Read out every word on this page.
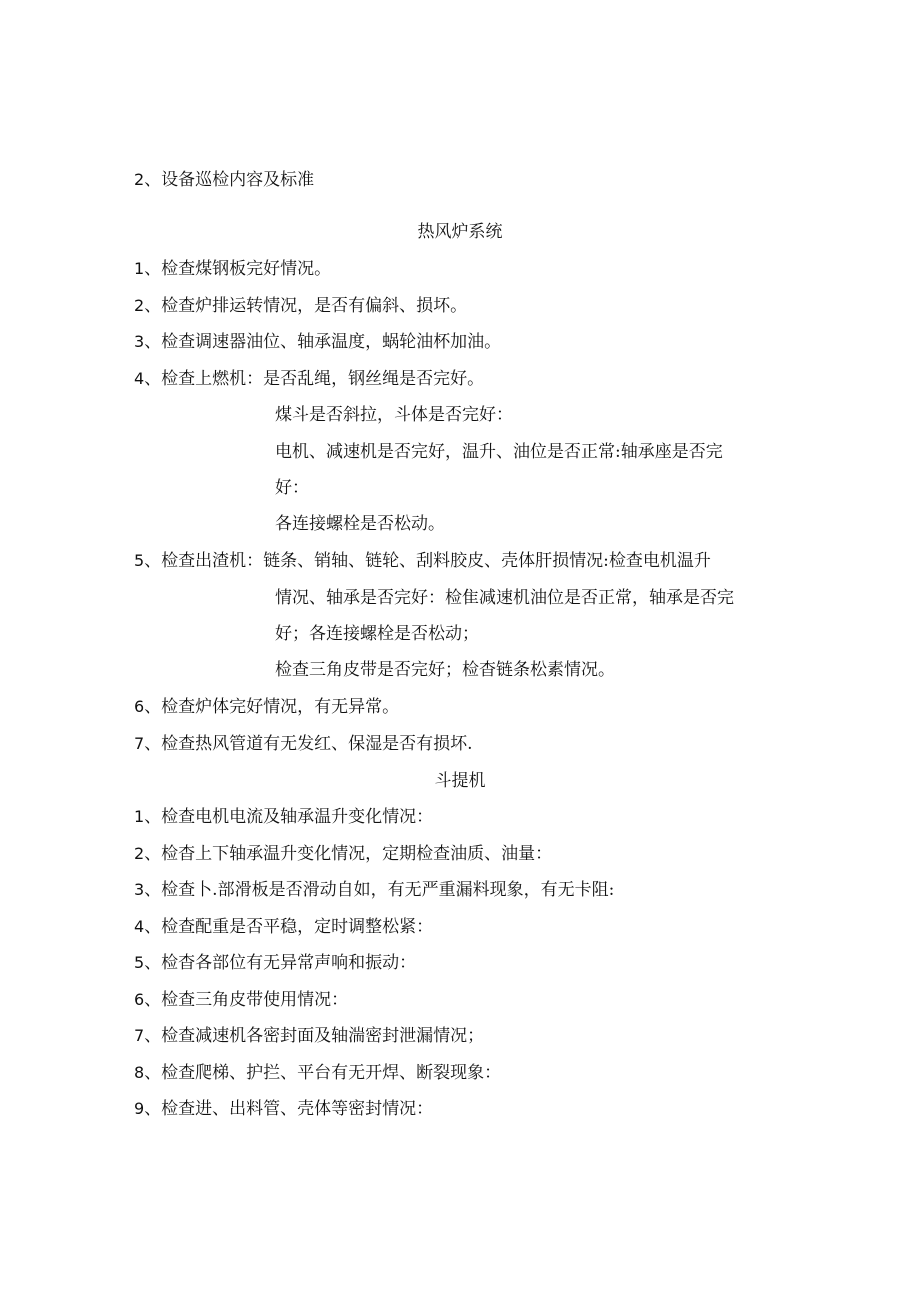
2、设备巡检内容及标准
热风炉系统
1、检查煤钢板完好情况。
2、检查炉排运转情况，是否有偏斜、损坏。
3、检查调速器油位、轴承温度，蜗轮油杯加油。
4、检查上燃机：是否乱绳，钢丝绳是否完好。
煤斗是否斜拉，斗体是否完好：
电机、减速机是否完好，温升、油位是否正常:轴承座是否完
好：
各连接螺栓是否松动。
5、检查出渣机：链条、销轴、链轮、刮料胶皮、壳体肝损情况:检查电机温升
情况、轴承是否完好：检隹减速机油位是否正常，轴承是否完
好；各连接螺栓是否松动；
检查三角皮带是否完好；检杳链条松素情况。
6、检查炉体完好情况，有无异常。
7、检查热风管道有无发红、保湿是否有损坏.
斗提机
1、检查电机电流及轴承温升变化情况：
2、检杳上下轴承温升变化情况，定期检查油质、油量：
3、检查卜.部滑板是否滑动自如，有无严重漏料现象，有无卡阻:
4、检查配重是否平稳，定时调整松紧：
5、检杳各部位有无异常声响和振动：
6、检查三角皮带使用情况：
7、检查减速机各密封面及轴湍密封泄漏情况；
8、检查爬梯、护拦、平台有无开焊、断裂现象：
9、检查进、出料管、壳体等密封情况：
